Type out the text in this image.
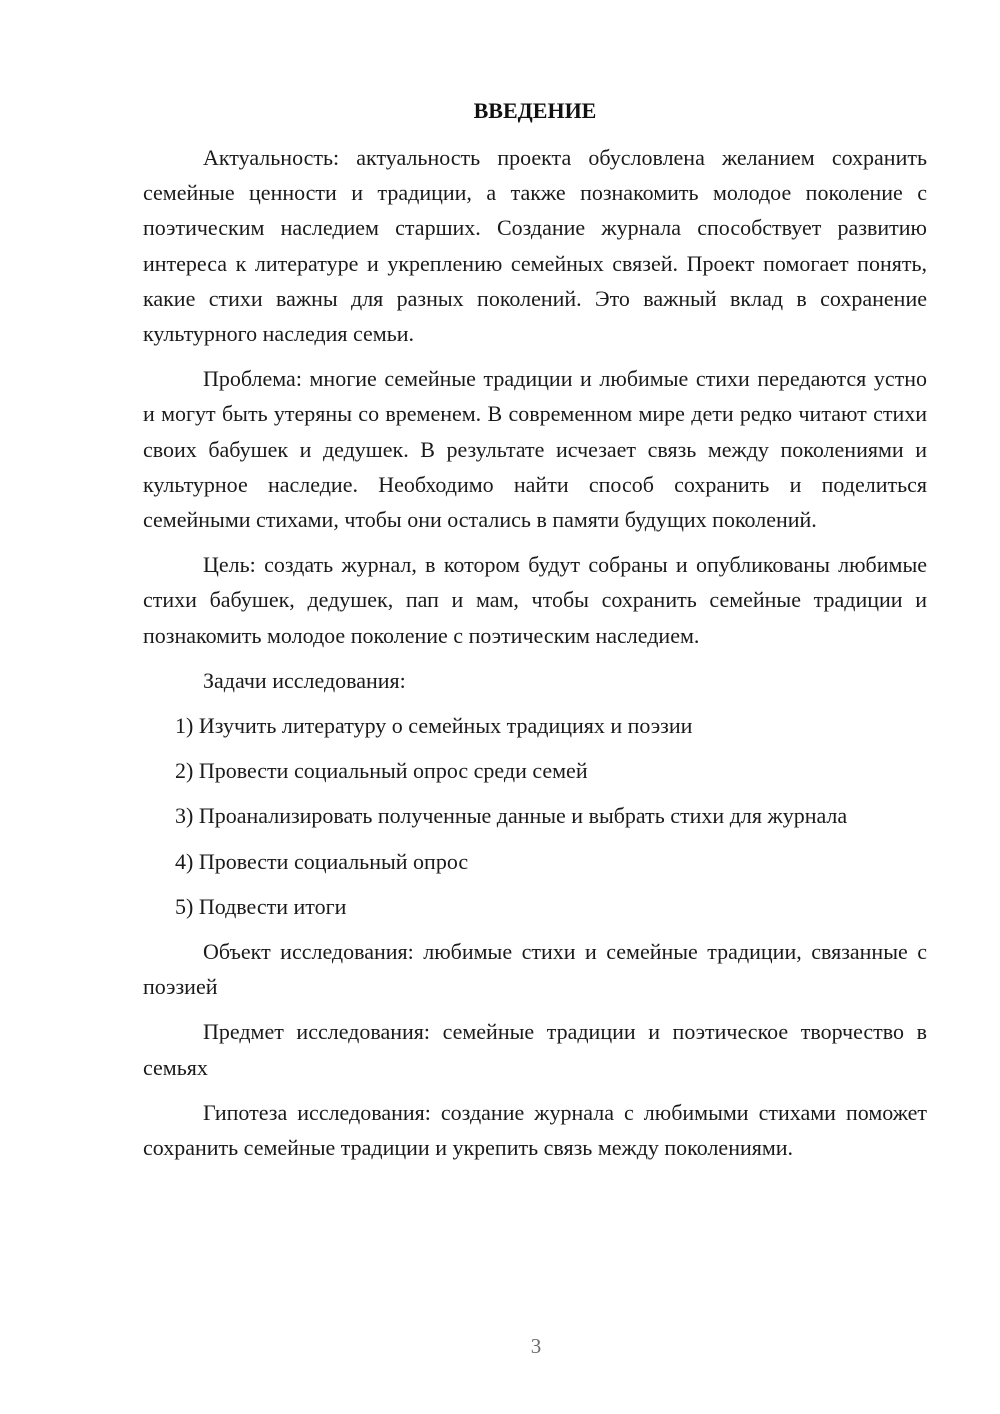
ВВЕДЕНИЕ

Актуальность: актуальность проекта обусловлена желанием сохранить семейные ценности и традиции, а также познакомить молодое поколение с поэтическим наследием старших. Создание журнала способствует развитию интереса к литературе и укреплению семейных связей. Проект помогает понять, какие стихи важны для разных поколений. Это важный вклад в сохранение культурного наследия семьи.

Проблема: многие семейные традиции и любимые стихи передаются устно и могут быть утеряны со временем. В современном мире дети редко читают стихи своих бабушек и дедушек. В результате исчезает связь между поколениями и культурное наследие. Необходимо найти способ сохранить и поделиться семейными стихами, чтобы они остались в памяти будущих поколений.

Цель: создать журнал, в котором будут собраны и опубликованы любимые стихи бабушек, дедушек, пап и мам, чтобы сохранить семейные традиции и познакомить молодое поколение с поэтическим наследием.

Задачи исследования:

1) Изучить литературу о семейных традициях и поэзии

2) Провести социальный опрос среди семей

3) Проанализировать полученные данные и выбрать стихи для журнала

4) Провести социальный опрос

5) Подвести итоги

Объект исследования: любимые стихи и семейные традиции, связанные с поэзией

Предмет исследования: семейные традиции и поэтическое творчество в семьях

Гипотеза исследования: создание журнала с любимыми стихами поможет сохранить семейные традиции и укрепить связь между поколениями.

3
